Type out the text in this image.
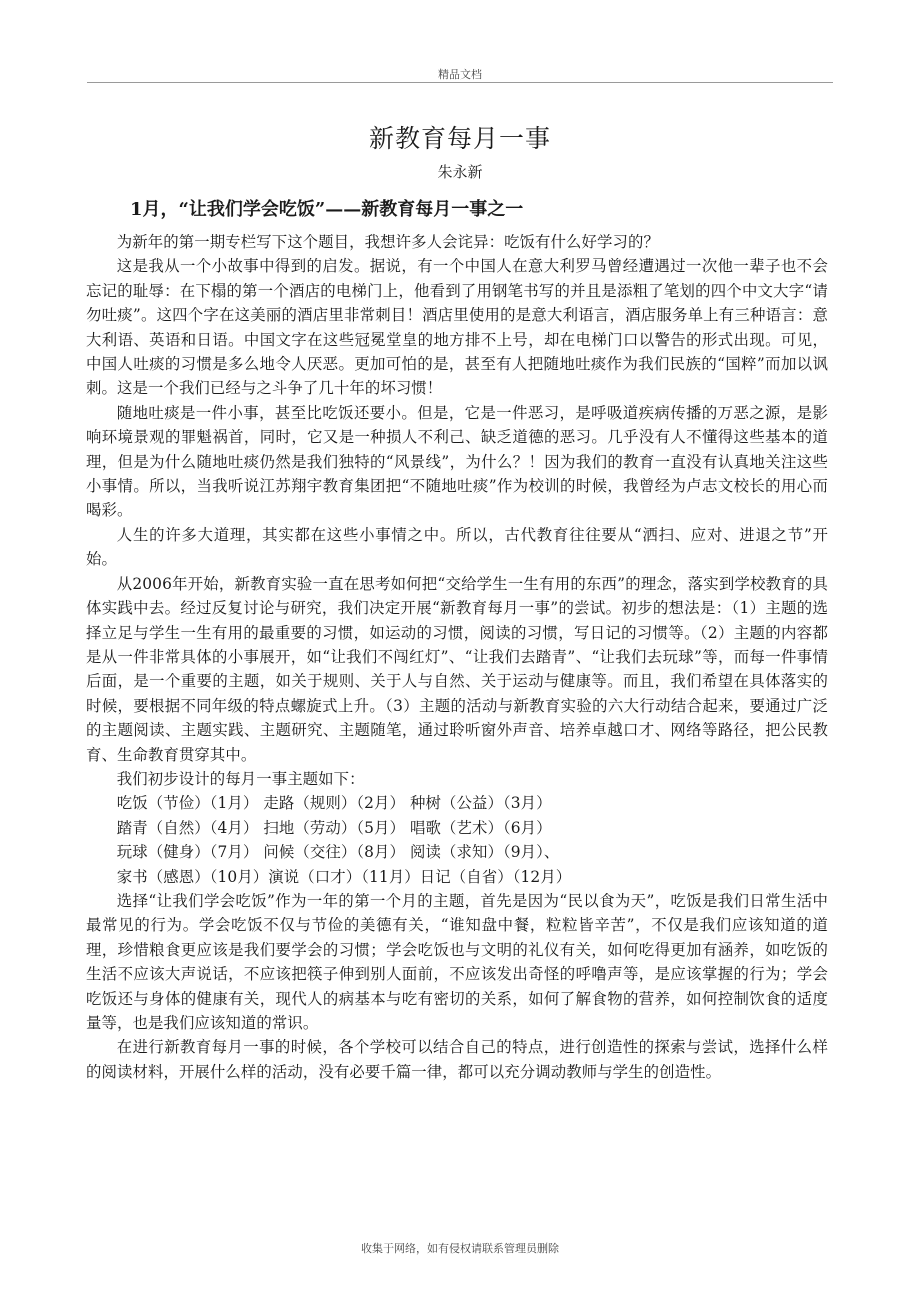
精品文档
新教育每月一事
朱永新
1月，“让我们学会吃饭”——新教育每月一事之一

为新年的第一期专栏写下这个题目，我想许多人会诧异：吃饭有什么好学习的？

这是我从一个小故事中得到的启发。据说，有一个中国人在意大利罗马曾经遭遇过一次他一辈子也不会忘记的耻辱：在下榻的第一个酒店的电梯门上，他看到了用钢笔书写的并且是添粗了笔划的四个中文大字“请勿吐痰”。这四个字在这美丽的酒店里非常刺目！酒店里使用的是意大利语言，酒店服务单上有三种语言：意大利语、英语和日语。中国文字在这些冠冕堂皇的地方排不上号，却在电梯门口以警告的形式出现。可见，中国人吐痰的习惯是多么地令人厌恶。更加可怕的是，甚至有人把随地吐痰作为我们民族的“国粹”而加以讽刺。这是一个我们已经与之斗争了几十年的坏习惯！

随地吐痰是一件小事，甚至比吃饭还要小。但是，它是一件恶习，是呼吸道疾病传播的万恶之源，是影响环境景观的罪魁祸首，同时，它又是一种损人不利己、缺乏道德的恶习。几乎没有人不懂得这些基本的道理，但是为什么随地吐痰仍然是我们独特的“风景线”，为什么？！因为我们的教育一直没有认真地关注这些小事情。所以，当我听说江苏翔宇教育集团把“不随地吐痰”作为校训的时候，我曾经为卢志文校长的用心而喝彩。

人生的许多大道理，其实都在这些小事情之中。所以，古代教育往往要从“洒扫、应对、进退之节”开始。

从2006年开始，新教育实验一直在思考如何把“交给学生一生有用的东西”的理念，落实到学校教育的具体实践中去。经过反复讨论与研究，我们决定开展“新教育每月一事”的尝试。初步的想法是：（1）主题的选择立足与学生一生有用的最重要的习惯，如运动的习惯，阅读的习惯，写日记的习惯等。（2）主题的内容都是从一件非常具体的小事展开，如“让我们不闯红灯”、“让我们去踏青”、“让我们去玩球”等，而每一件事情后面，是一个重要的主题，如关于规则、关于人与自然、关于运动与健康等。而且，我们希望在具体落实的时候，要根据不同年级的特点螺旋式上升。（3）主题的活动与新教育实验的六大行动结合起来，要通过广泛的主题阅读、主题实践、主题研究、主题随笔，通过聆听窗外声音、培养卓越口才、网络等路径，把公民教育、生命教育贯穿其中。

我们初步设计的每月一事主题如下：

吃饭（节俭）（1月） 走路（规则）（2月） 种树（公益）（3月）

踏青（自然）（4月） 扫地（劳动）（5月） 唱歌（艺术）（6月）

玩球（健身）（7月） 问候（交往）（8月） 阅读（求知）（9月）、

家书（感恩）（10月）演说（口才）（11月）日记（自省）（12月）

选择“让我们学会吃饭”作为一年的第一个月的主题，首先是因为“民以食为天”，吃饭是我们日常生活中最常见的行为。学会吃饭不仅与节俭的美德有关，“谁知盘中餐，粒粒皆辛苦”，不仅是我们应该知道的道理，珍惜粮食更应该是我们要学会的习惯；学会吃饭也与文明的礼仪有关，如何吃得更加有涵养，如吃饭的生活不应该大声说话，不应该把筷子伸到别人面前，不应该发出奇怪的呼噜声等，是应该掌握的行为；学会吃饭还与身体的健康有关，现代人的病基本与吃有密切的关系，如何了解食物的营养，如何控制饮食的适度量等，也是我们应该知道的常识。

在进行新教育每月一事的时候，各个学校可以结合自己的特点，进行创造性的探索与尝试，选择什么样的阅读材料，开展什么样的活动，没有必要千篇一律，都可以充分调动教师与学生的创造性。

收集于网络，如有侵权请联系管理员删除
